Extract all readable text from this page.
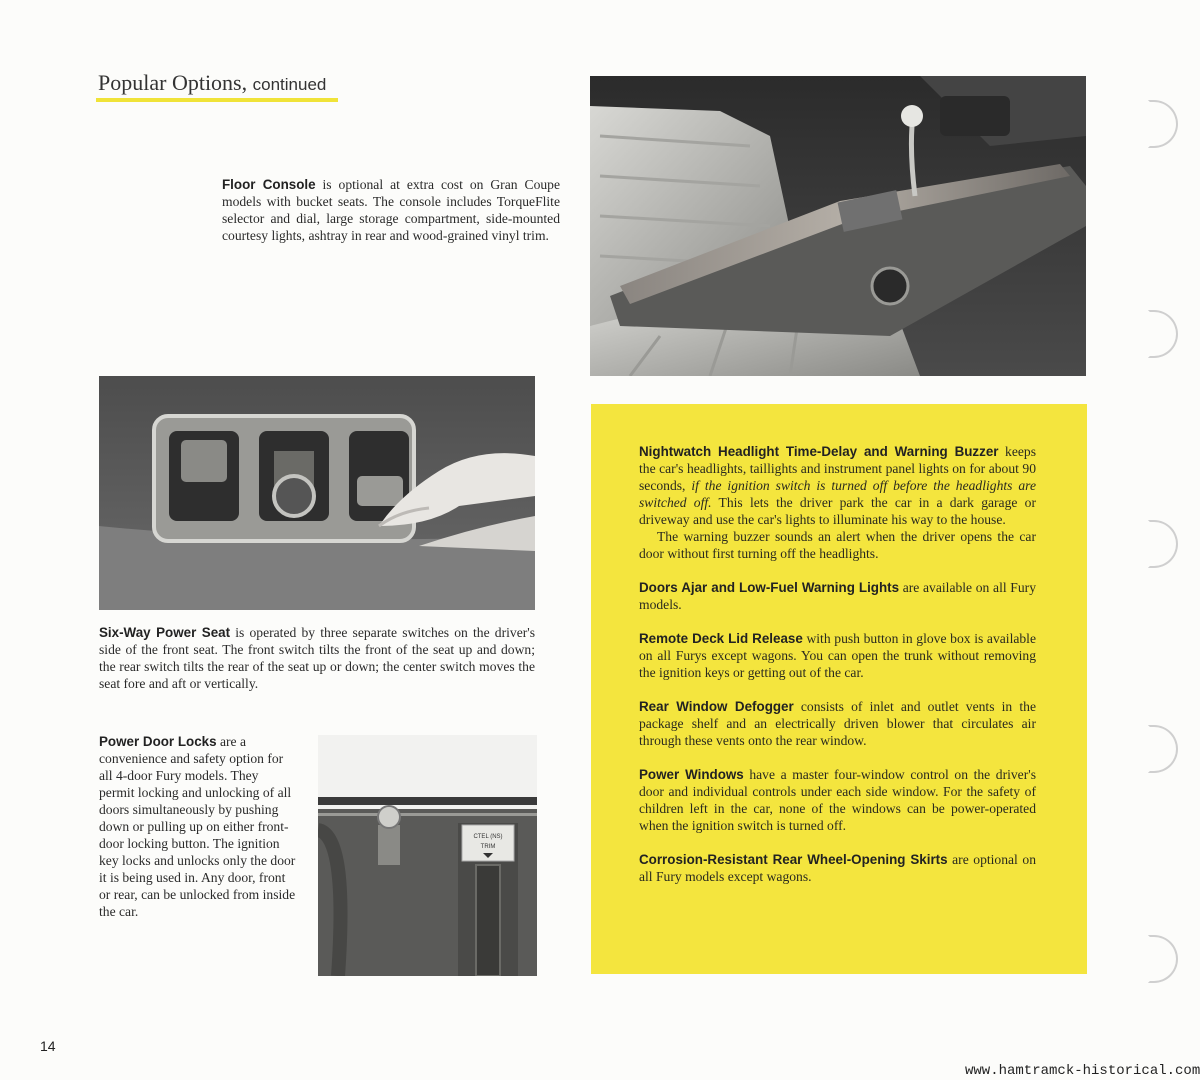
Popular Options, continued
Floor Console is optional at extra cost on Gran Coupe models with bucket seats. The console includes TorqueFlite selector and dial, large storage compartment, side-mounted courtesy lights, ashtray in rear and wood-grained vinyl trim.
Six-Way Power Seat is operated by three separate switches on the driver's side of the front seat. The front switch tilts the front of the seat up and down; the rear switch tilts the rear of the seat up or down; the center switch moves the seat fore and aft or vertically.
Power Door Locks are a convenience and safety option for all 4-door Fury models. They permit locking and unlocking of all doors simultaneously by pushing down or pulling up on either front-door locking button. The ignition key locks and unlocks only the door it is being used in. Any door, front or rear, can be unlocked from inside the car.
CTEL (NS)
TRIM

Nightwatch Headlight Time-Delay and Warning Buzzer keeps the car's headlights, taillights and instrument panel lights on for about 90 seconds, if the ignition switch is turned off before the headlights are switched off. This lets the driver park the car in a dark garage or driveway and use the car's lights to illuminate his way to the house.

The warning buzzer sounds an alert when the driver opens the car door without first turning off the headlights.

Doors Ajar and Low-Fuel Warning Lights are available on all Fury models.

Remote Deck Lid Release with push button in glove box is available on all Furys except wagons. You can open the trunk without removing the ignition keys or getting out of the car.

Rear Window Defogger consists of inlet and outlet vents in the package shelf and an electrically driven blower that circulates air through these vents onto the rear window.

Power Windows have a master four-window control on the driver's door and individual controls under each side window. For the safety of children left in the car, none of the windows can be power-operated when the ignition switch is turned off.

Corrosion-Resistant Rear Wheel-Opening Skirts are optional on all Fury models except wagons.

14
www.hamtramck-historical.com
